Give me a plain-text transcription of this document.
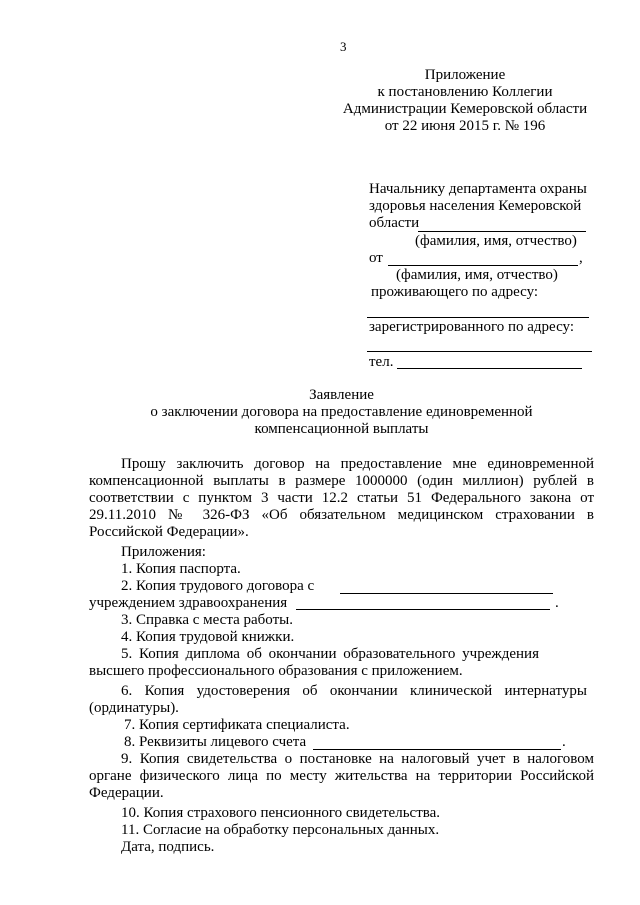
3
Приложение
к постановлению Коллегии
Администрации Кемеровской области
от 22 июня 2015 г. № 196
Начальнику департамента охраны
здоровья населения Кемеровской
области
(фамилия, имя, отчество)
от	,
(фамилия, имя, отчество)
проживающего по адресу:
зарегистрированного по адресу:
тел.
Заявление
о заключении договора на предоставление единовременной
компенсационной выплаты
Прошу заключить договор на предоставление мне единовременной
компенсационной выплаты в размере 1000000 (один миллион) рублей в
соответствии с пунктом 3 части 12.2 статьи 51 Федерального закона от
29.11.2010 № 326-ФЗ «Об обязательном медицинском страховании в
Российской Федерации».
Приложения:
1. Копия паспорта.
2. Копия трудового договора с
учреждением здравоохранения	.
3. Справка с места работы.
4. Копия трудовой книжки.
5. Копия диплома об окончании образовательного учреждения
высшего профессионального образования с приложением.
6. Копия удостоверения об окончании клинической интернатуры
(ординатуры).
7. Копия сертификата специалиста.
8. Реквизиты лицевого счета	.
9. Копия свидетельства о постановке на налоговый учет в налоговом
органе физического лица по месту жительства на территории Российской
Федерации.
10. Копия страхового пенсионного свидетельства.
11. Согласие на обработку персональных данных.
Дата, подпись.
